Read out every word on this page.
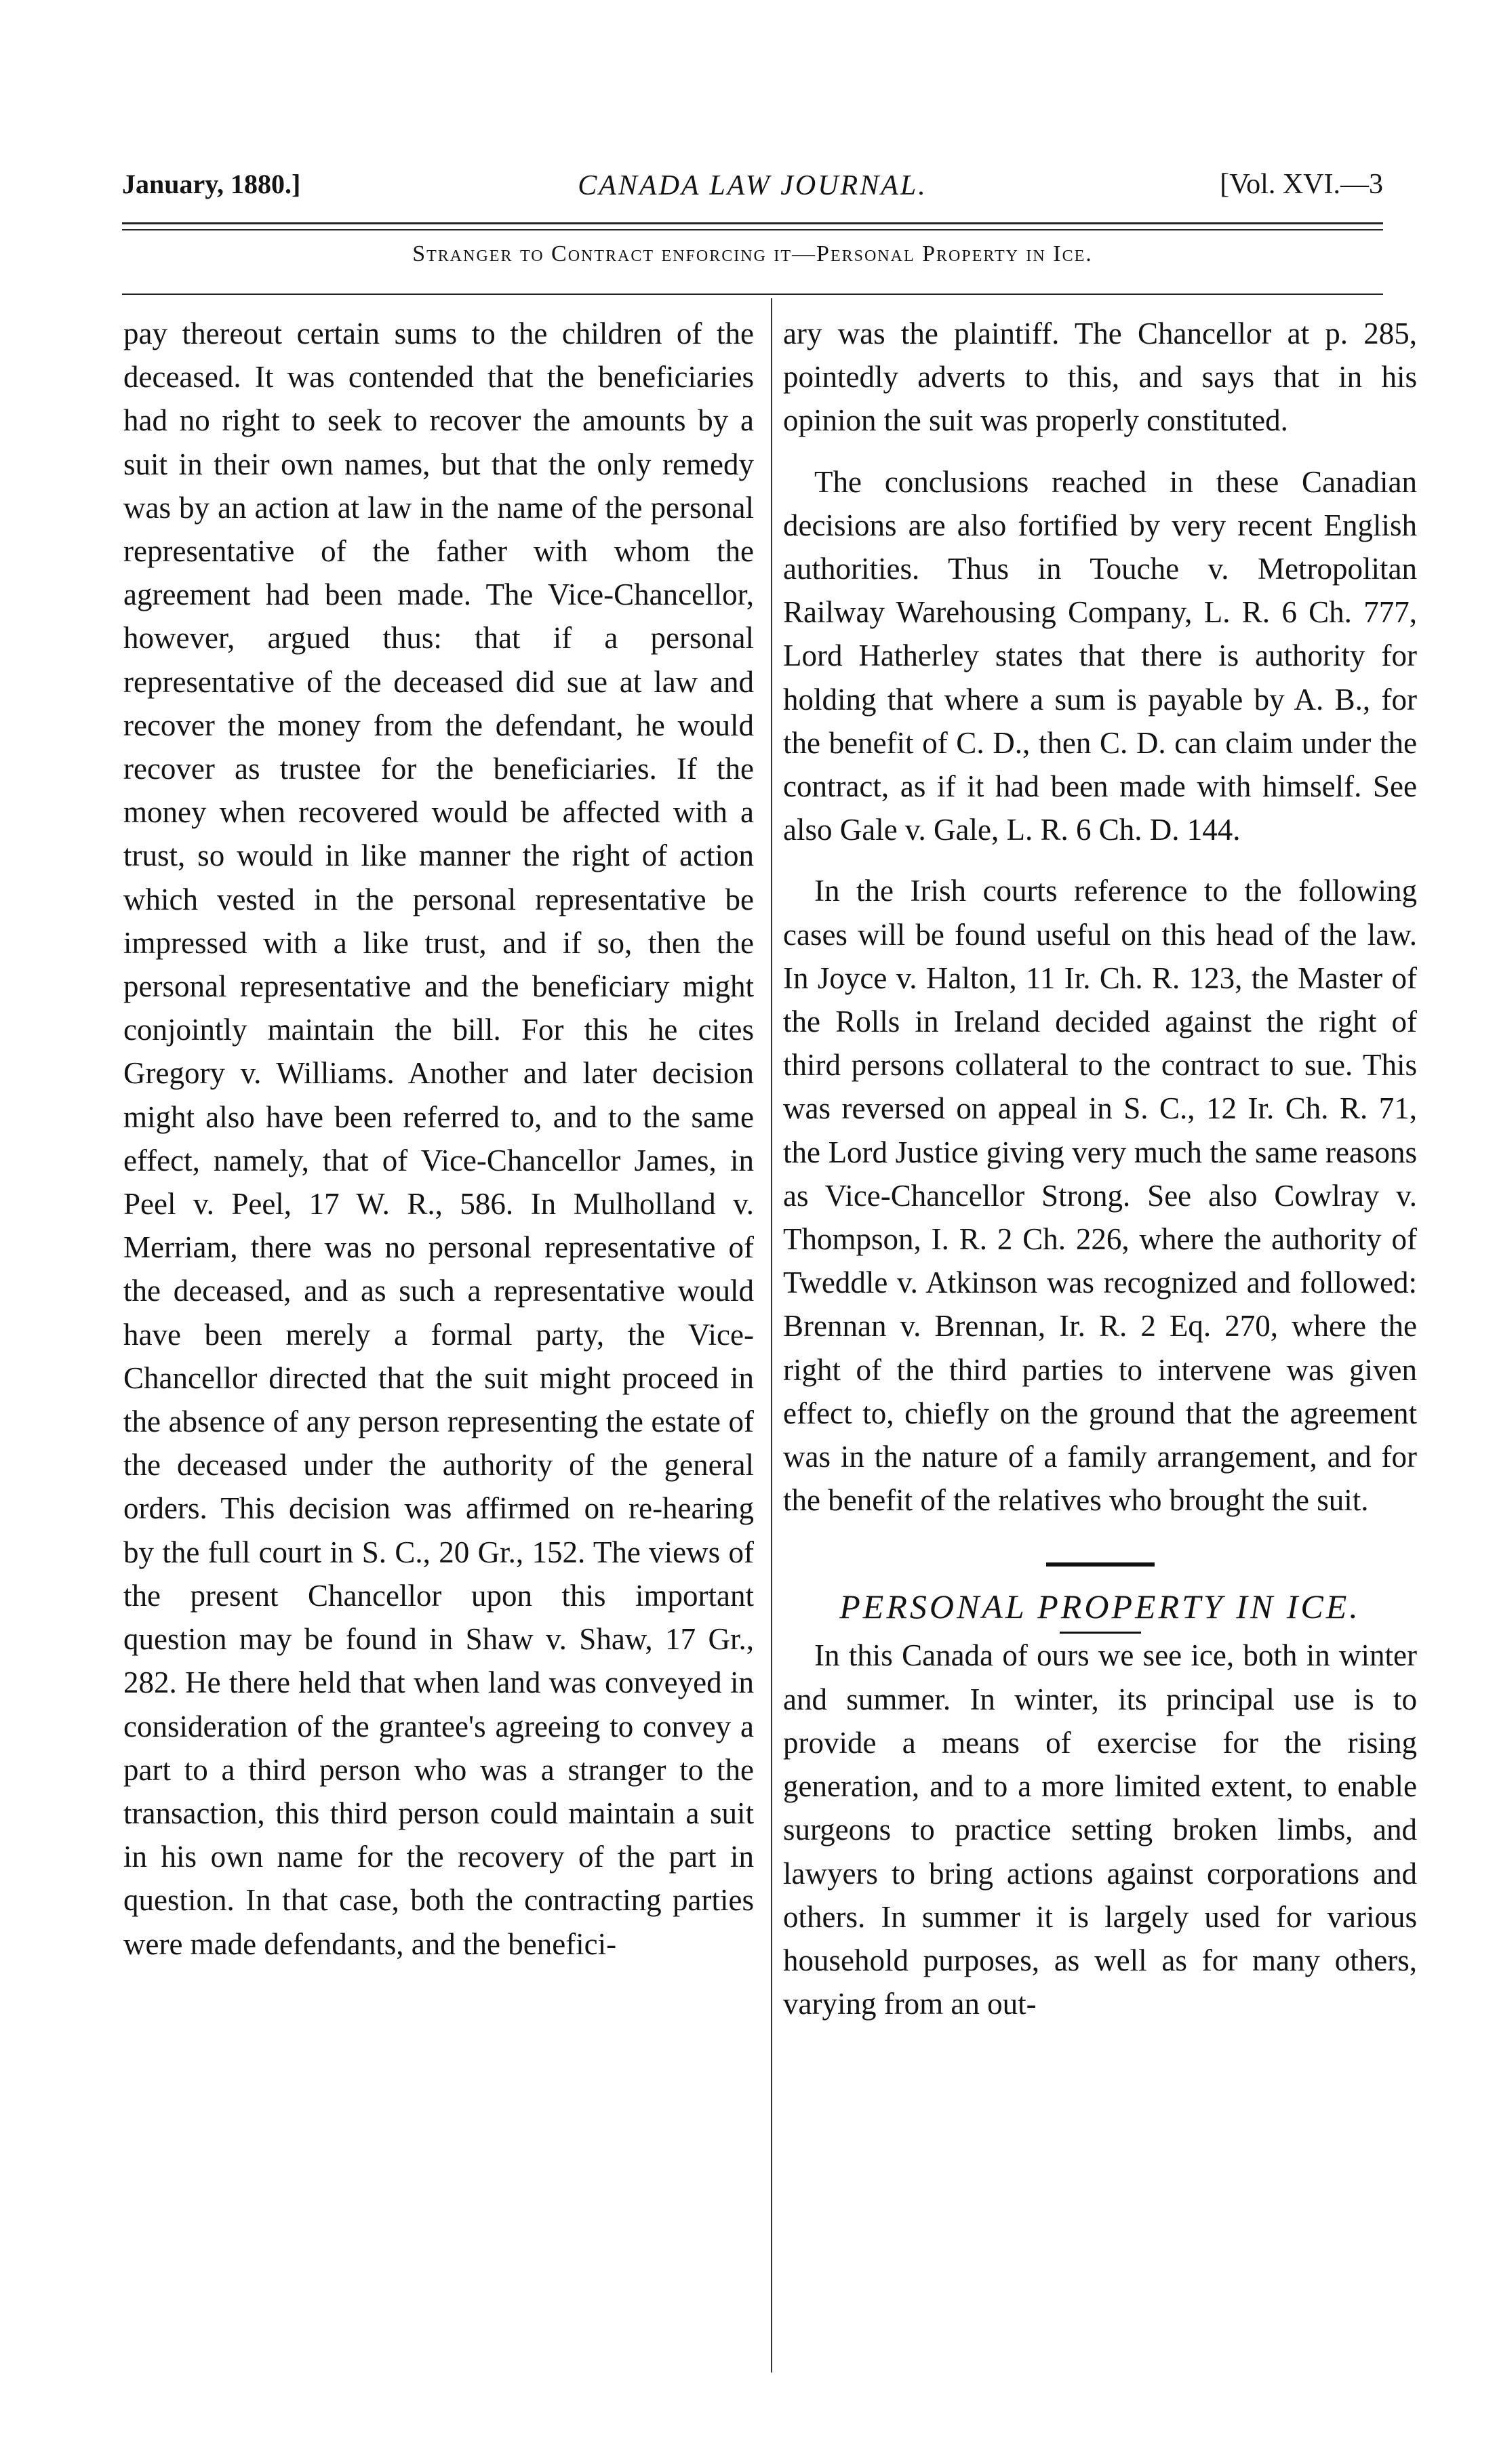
January, 1880.]	CANADA LAW JOURNAL.	[Vol. XVI.—3
Stranger to Contract enforcing it—Personal Property in Ice.

pay thereout certain sums to the children of the deceased. It was contended that the beneficiaries had no right to seek to recover the amounts by a suit in their own names, but that the only remedy was by an action at law in the name of the personal representative of the father with whom the agreement had been made. The Vice-Chancellor, however, argued thus: that if a personal representative of the deceased did sue at law and recover the money from the defendant, he would recover as trustee for the beneficiaries. If the money when recovered would be affected with a trust, so would in like manner the right of action which vested in the personal representative be impressed with a like trust, and if so, then the personal representative and the beneficiary might conjointly maintain the bill. For this he cites Gregory v. Williams. Another and later decision might also have been referred to, and to the same effect, namely, that of Vice-Chancellor James, in Peel v. Peel, 17 W. R., 586. In Mulholland v. Merriam, there was no personal representative of the deceased, and as such a representative would have been merely a formal party, the Vice-Chancellor directed that the suit might proceed in the absence of any person representing the estate of the deceased under the authority of the general orders. This decision was affirmed on re-hearing by the full court in S. C., 20 Gr., 152. The views of the present Chancellor upon this important question may be found in Shaw v. Shaw, 17 Gr., 282. He there held that when land was conveyed in consideration of the grantee's agreeing to convey a part to a third person who was a stranger to the transaction, this third person could maintain a suit in his own name for the recovery of the part in question. In that case, both the contracting parties were made defendants, and the benefici-

ary was the plaintiff. The Chancellor at p. 285, pointedly adverts to this, and says that in his opinion the suit was properly constituted.

The conclusions reached in these Canadian decisions are also fortified by very recent English authorities. Thus in Touche v. Metropolitan Railway Warehousing Company, L. R. 6 Ch. 777, Lord Hatherley states that there is authority for holding that where a sum is payable by A. B., for the benefit of C. D., then C. D. can claim under the contract, as if it had been made with himself. See also Gale v. Gale, L. R. 6 Ch. D. 144.

In the Irish courts reference to the following cases will be found useful on this head of the law. In Joyce v. Halton, 11 Ir. Ch. R. 123, the Master of the Rolls in Ireland decided against the right of third persons collateral to the contract to sue. This was reversed on appeal in S. C., 12 Ir. Ch. R. 71, the Lord Justice giving very much the same reasons as Vice-Chancellor Strong. See also Cowlray v. Thompson, I. R. 2 Ch. 226, where the authority of Tweddle v. Atkinson was recognized and followed: Brennan v. Brennan, Ir. R. 2 Eq. 270, where the right of the third parties to intervene was given effect to, chiefly on the ground that the agreement was in the nature of a family arrangement, and for the benefit of the relatives who brought the suit.

PERSONAL PROPERTY IN ICE.

In this Canada of ours we see ice, both in winter and summer. In winter, its principal use is to provide a means of exercise for the rising generation, and to a more limited extent, to enable surgeons to practice setting broken limbs, and lawyers to bring actions against corporations and others. In summer it is largely used for various household purposes, as well as for many others, varying from an out-
